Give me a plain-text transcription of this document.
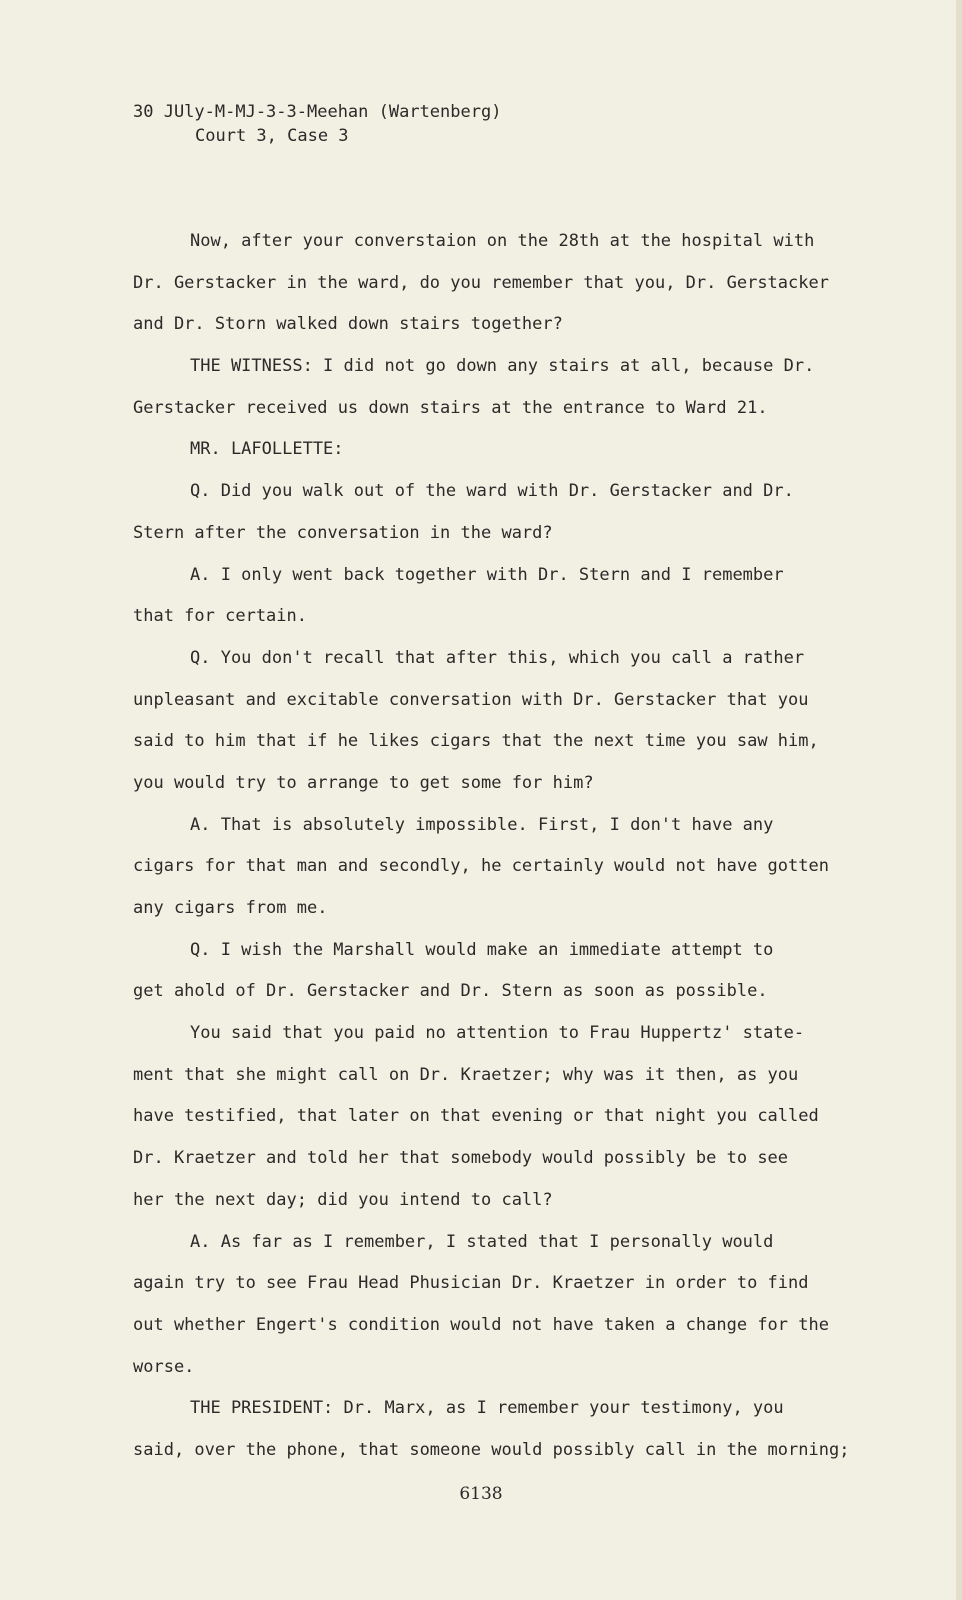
30 JUly-M-MJ-3-3-Meehan (Wartenberg)
Court 3, Case 3
Now, after your converstaion on the 28th at the hospital with
Dr. Gerstacker in the ward, do you remember that you, Dr. Gerstacker
and Dr. Storn walked down stairs together?
THE WITNESS: I did not go down any stairs at all, because Dr.
Gerstacker received us down stairs at the entrance to Ward 21.
MR. LAFOLLETTE:
Q. Did you walk out of the ward with Dr. Gerstacker and Dr.
Stern after the conversation in the ward?
A. I only went back together with Dr. Stern and I remember
that for certain.
Q. You don't recall that after this, which you call a rather
unpleasant and excitable conversation with Dr. Gerstacker that you
said to him that if he likes cigars that the next time you saw him,
you would try to arrange to get some for him?
A. That is absolutely impossible. First, I don't have any
cigars for that man and secondly, he certainly would not have gotten
any cigars from me.
Q. I wish the Marshall would make an immediate attempt to
get ahold of Dr. Gerstacker and Dr. Stern as soon as possible.
You said that you paid no attention to Frau Huppertz' state-
ment that she might call on Dr. Kraetzer; why was it then, as you
have testified, that later on that evening or that night you called
Dr. Kraetzer and told her that somebody would possibly be to see
her the next day; did you intend to call?
A. As far as I remember, I stated that I personally would
again try to see Frau Head Phusician Dr. Kraetzer in order to find
out whether Engert's condition would not have taken a change for the
worse.
THE PRESIDENT: Dr. Marx, as I remember your testimony, you
said, over the phone, that someone would possibly call in the morning;
6138
